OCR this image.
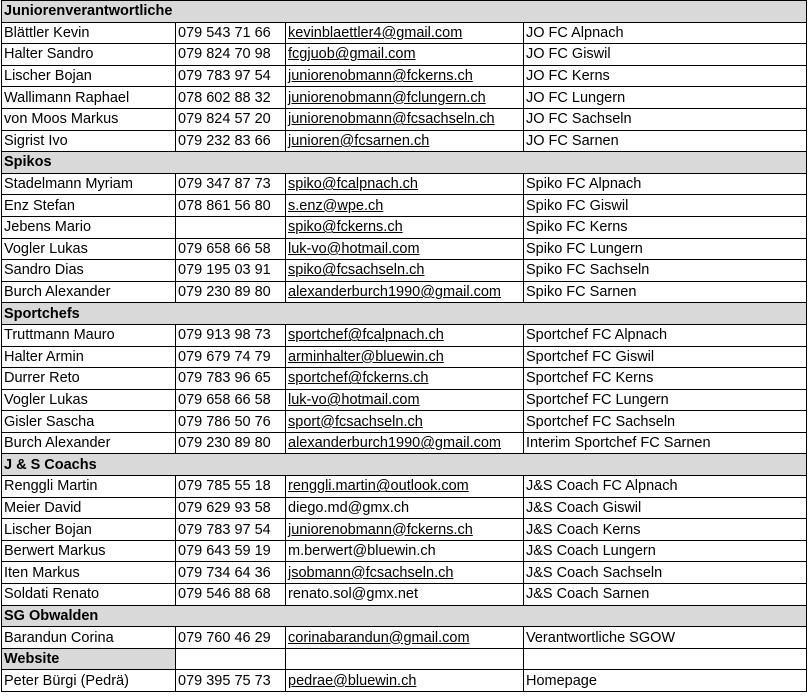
Juniorenverantwortliche			
Blättler Kevin	079 543 71 66	kevinblaettler4@gmail.com	JO FC Alpnach
Halter Sandro	079 824 70 98	fcgjuob@gmail.com	JO FC Giswil
Lischer Bojan	079 783 97 54	juniorenobmann@fckerns.ch	JO FC Kerns
Wallimann Raphael	078 602 88 32	juniorenobmann@fclungern.ch	JO FC Lungern
von Moos Markus	079 824 57 20	juniorenobmann@fcsachseln.ch	JO FC Sachseln
Sigrist Ivo	079 232 83 66	junioren@fcsarnen.ch	JO FC Sarnen
Spikos			
Stadelmann Myriam	079 347 87 73	spiko@fcalpnach.ch	Spiko FC Alpnach
Enz Stefan	078 861 56 80	s.enz@wpe.ch	Spiko FC Giswil
Jebens Mario		spiko@fckerns.ch	Spiko FC Kerns
Vogler Lukas	079 658 66 58	luk-vo@hotmail.com	Spiko FC Lungern
Sandro Dias	079 195 03 91	spiko@fcsachseln.ch	Spiko FC Sachseln
Burch Alexander	079 230 89 80	alexanderburch1990@gmail.com	Spiko FC Sarnen
Sportchefs			
Truttmann Mauro	079 913 98 73	sportchef@fcalpnach.ch	Sportchef FC Alpnach
Halter Armin	079 679 74 79	arminhalter@bluewin.ch	Sportchef FC Giswil
Durrer Reto	079 783 96 65	sportchef@fckerns.ch	Sportchef FC Kerns
Vogler Lukas	079 658 66 58	luk-vo@hotmail.com	Sportchef FC Lungern
Gisler Sascha	079 786 50 76	sport@fcsachseln.ch	Sportchef FC Sachseln
Burch Alexander	079 230 89 80	alexanderburch1990@gmail.com	Interim Sportchef FC Sarnen
J & S Coachs			
Renggli Martin	079 785 55 18	renggli.martin@outlook.com	J&S Coach FC Alpnach
Meier David	079 629 93 58	diego.md@gmx.ch	J&S Coach Giswil
Lischer Bojan	079 783 97 54	juniorenobmann@fckerns.ch	J&S Coach Kerns
Berwert Markus	079 643 59 19	m.berwert@bluewin.ch	J&S Coach Lungern
Iten Markus	079 734 64 36	jsobmann@fcsachseln.ch	J&S Coach Sachseln
Soldati Renato	079 546 88 68	renato.sol@gmx.net	J&S Coach Sarnen
SG Obwalden			
Barandun Corina	079 760 46 29	corinabarandun@gmail.com	Verantwortliche SGOW
Website			
Peter Bürgi (Pedrä)	079 395 75 73	pedrae@bluewin.ch	Homepage
